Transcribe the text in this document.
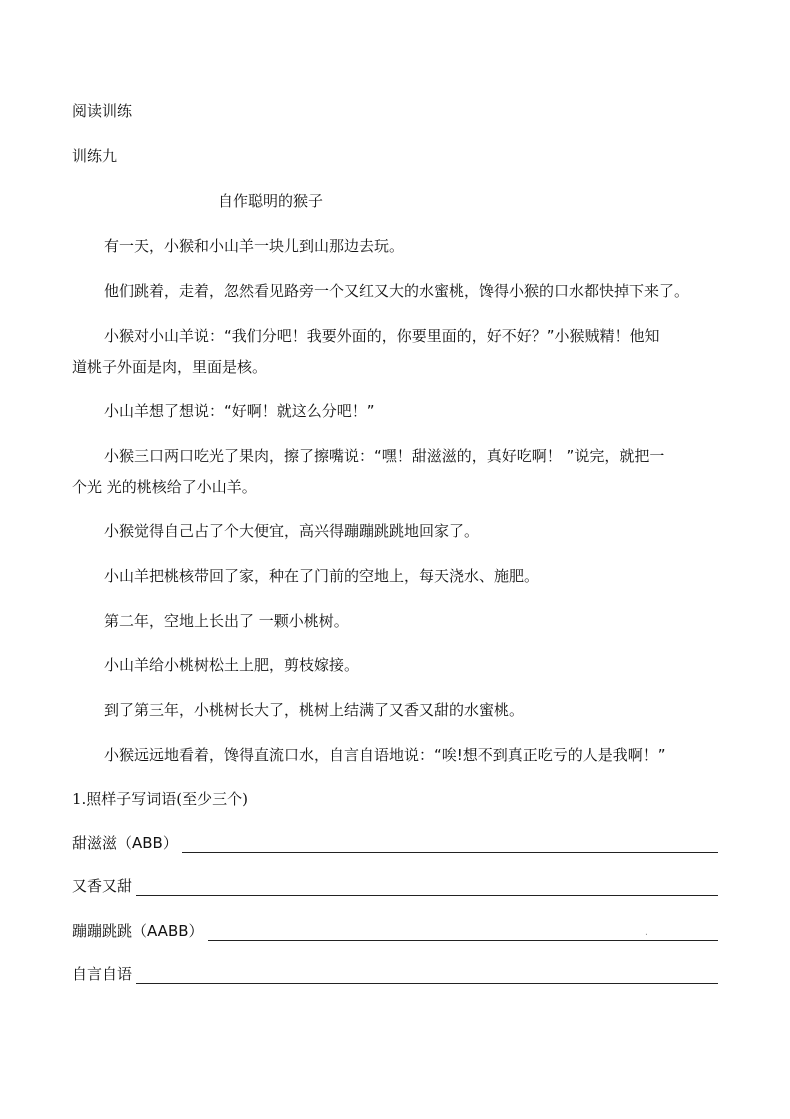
阅读训练
训练九
自作聪明的猴子
有一天，小猴和小山羊一块儿到山那边去玩。
他们跳着，走着，忽然看见路旁一个又红又大的水蜜桃，馋得小猴的口水都快掉下来了。
小猴对小山羊说：“我们分吧！我要外面的，你要里面的，好不好？”小猴贼精！他知
道桃子外面是肉，里面是核。
小山羊想了想说：“好啊！就这么分吧！”
小猴三口两口吃光了果肉，擦了擦嘴说：“嘿！甜滋滋的，真好吃啊！ ”说完，就把一
个光 光的桃核给了小山羊。
小猴觉得自己占了个大便宜，高兴得蹦蹦跳跳地回家了。
小山羊把桃核带回了家，种在了门前的空地上，每天浇水、施肥。
第二年，空地上长出了 一颗小桃树。
小山羊给小桃树松土上肥，剪枝嫁接。
到了第三年，小桃树长大了，桃树上结满了又香又甜的水蜜桃。
小猴远远地看着，馋得直流口水，自言自语地说：“唉!想不到真正吃亏的人是我啊！”
1.照样子写词语(至少三个)
甜滋滋（ABB）
又香又甜
蹦蹦跳跳（AABB）	.
自言自语
